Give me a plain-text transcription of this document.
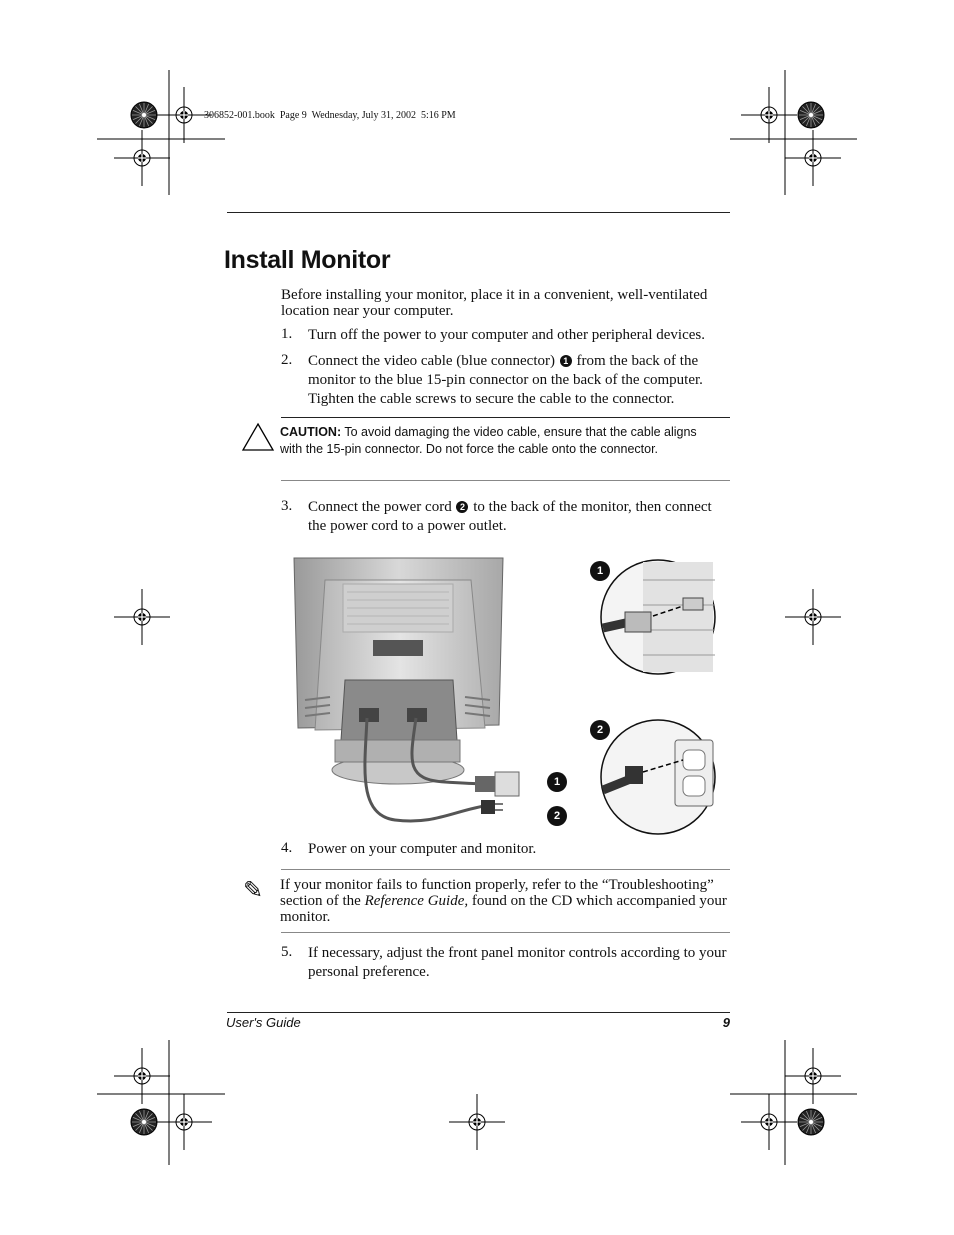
306852-001.book  Page 9  Wednesday, July 31, 2002  5:16 PM
Install Monitor

Before installing your monitor, place it in a convenient, well-ventilated location near your computer.

1. Turn off the power to your computer and other peripheral devices.
2. Connect the video cable (blue connector) 1 from the back of the monitor to the blue 15-pin connector on the back of the computer. Tighten the cable screws to secure the cable to the connector.
CAUTION: To avoid damaging the video cable, ensure that the cable aligns with the 15-pin connector. Do not force the cable onto the connector.
3. Connect the power cord 2 to the back of the monitor, then connect the power cord to a power outlet.
1
2
1
2
4. Power on your computer and monitor.
✎ If your monitor fails to function properly, refer to the “Troubleshooting” section of the Reference Guide, found on the CD which accompanied your monitor.
5. If necessary, adjust the front panel monitor controls according to your personal preference.
User's Guide	9
